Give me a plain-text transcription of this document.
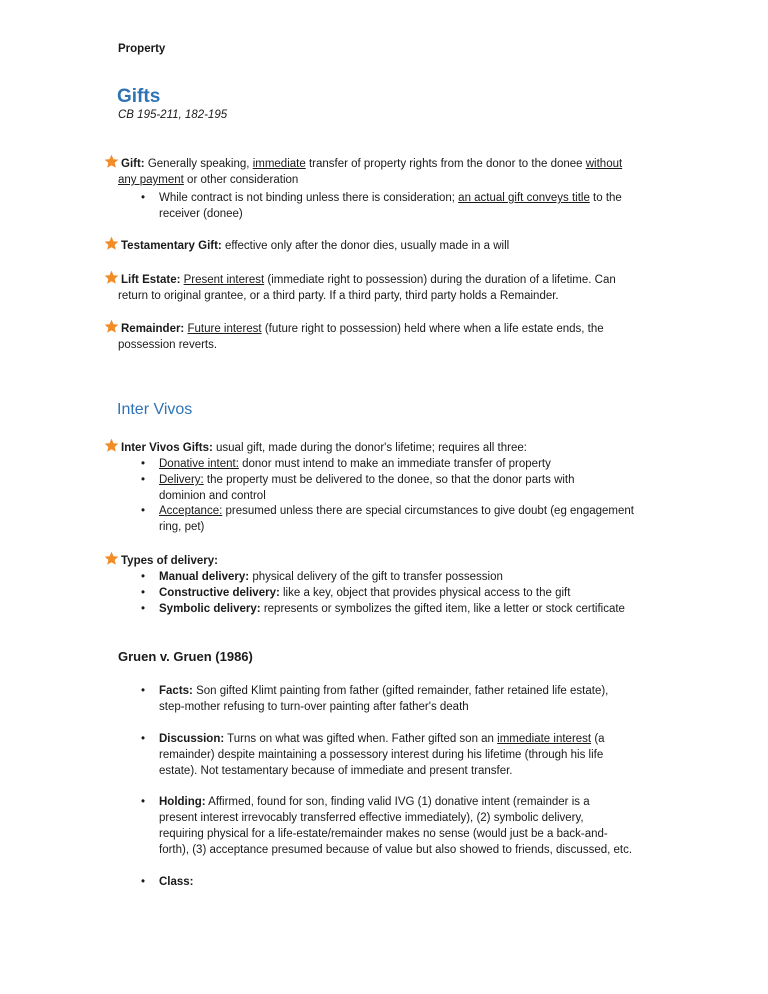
Property
Gifts
CB 195-211, 182-195
Gift: Generally speaking, immediate transfer of property rights from the donor to the donee without
any payment or other consideration
• While contract is not binding unless there is consideration; an actual gift conveys title to the
receiver (donee)
Testamentary Gift: effective only after the donor dies, usually made in a will
Lift Estate: Present interest (immediate right to possession) during the duration of a lifetime. Can
return to original grantee, or a third party. If a third party, third party holds a Remainder.
Remainder: Future interest (future right to possession) held where when a life estate ends, the
possession reverts.
Inter Vivos
Inter Vivos Gifts: usual gift, made during the donor's lifetime; requires all three:
• Donative intent: donor must intend to make an immediate transfer of property
• Delivery: the property must be delivered to the donee, so that the donor parts with
dominion and control
• Acceptance: presumed unless there are special circumstances to give doubt (eg engagement
ring, pet)
Types of delivery:
• Manual delivery: physical delivery of the gift to transfer possession
• Constructive delivery: like a key, object that provides physical access to the gift
• Symbolic delivery: represents or symbolizes the gifted item, like a letter or stock certificate
Gruen v. Gruen (1986)
• Facts: Son gifted Klimt painting from father (gifted remainder, father retained life estate),
step-mother refusing to turn-over painting after father's death
• Discussion: Turns on what was gifted when. Father gifted son an immediate interest (a
remainder) despite maintaining a possessory interest during his lifetime (through his life
estate). Not testamentary because of immediate and present transfer.
• Holding: Affirmed, found for son, finding valid IVG (1) donative intent (remainder is a
present interest irrevocably transferred effective immediately), (2) symbolic delivery,
requiring physical for a life-estate/remainder makes no sense (would just be a back-and-
forth), (3) acceptance presumed because of value but also showed to friends, discussed, etc.
• Class:
